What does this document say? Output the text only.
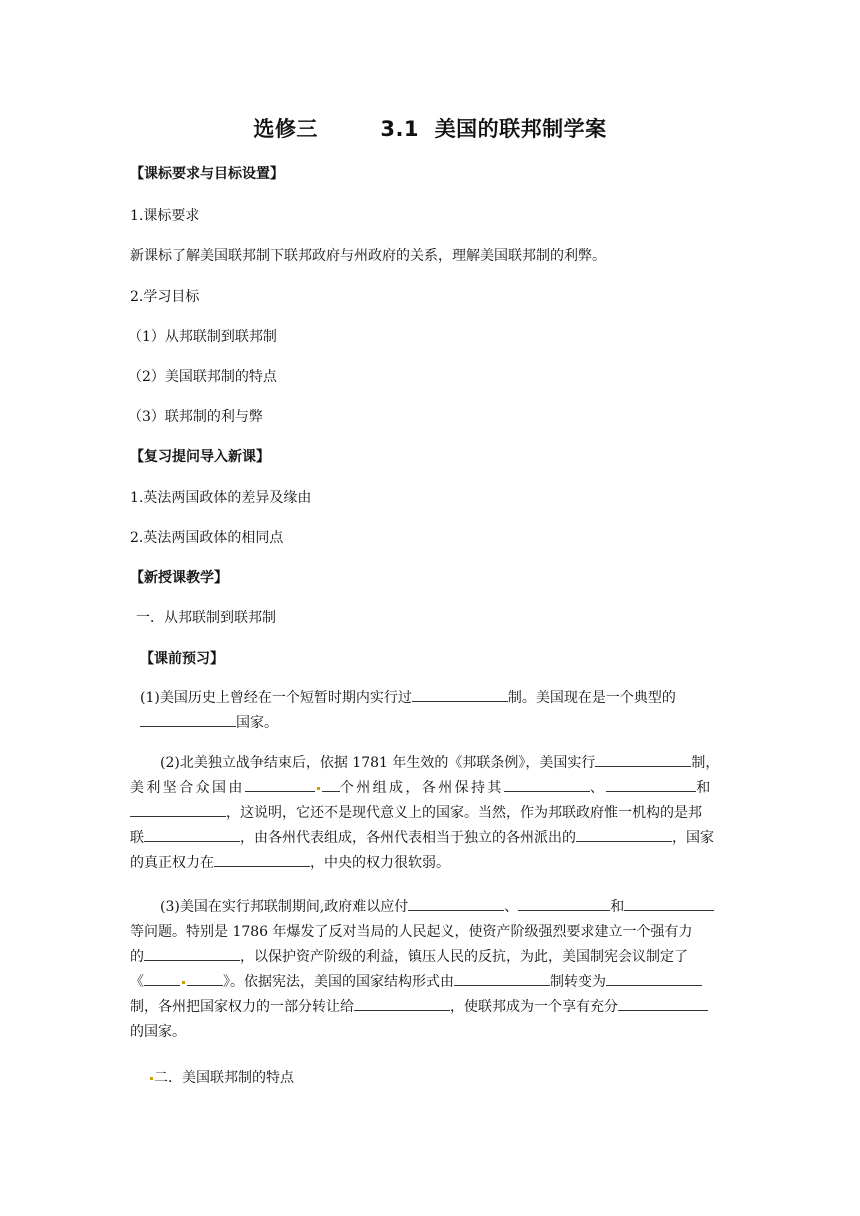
选修三        3.1  美国的联邦制学案
【课标要求与目标设置】
1.课标要求
新课标了解美国联邦制下联邦政府与州政府的关系，理解美国联邦制的利弊。
2.学习目标
（1）从邦联制到联邦制
（2）美国联邦制的特点
（3）联邦制的利与弊
【复习提问导入新课】
1.英法两国政体的差异及缘由
2.英法两国政体的相同点
【新授课教学】
一．从邦联制到联邦制
【课前预习】
(1)美国历史上曾经在一个短暂时期内实行过	制。美国现在是一个典型的
国家。
(2)北美独立战争结束后，依据 1781 年生效的《邦联条例》，美国实行	制，
美利坚合众国由	个州组成，各州保持其	、	和
，这说明，它还不是现代意义上的国家。当然，作为邦联政府惟一机构的是邦
联	，由各州代表组成，各州代表相当于独立的各州派出的	，国家
的真正权力在	，中央的权力很软弱。
(3)美国在实行邦联制期间,政府难以应付	、	和
等问题。特别是 1786 年爆发了反对当局的人民起义，使资产阶级强烈要求建立一个强有力
的	，以保护资产阶级的利益，镇压人民的反抗，为此，美国制宪会议制定了
《	》。依据宪法，美国的国家结构形式由	制转变为
制，各州把国家权力的一部分转让给	，使联邦成为一个享有充分
的国家。
二．美国联邦制的特点
